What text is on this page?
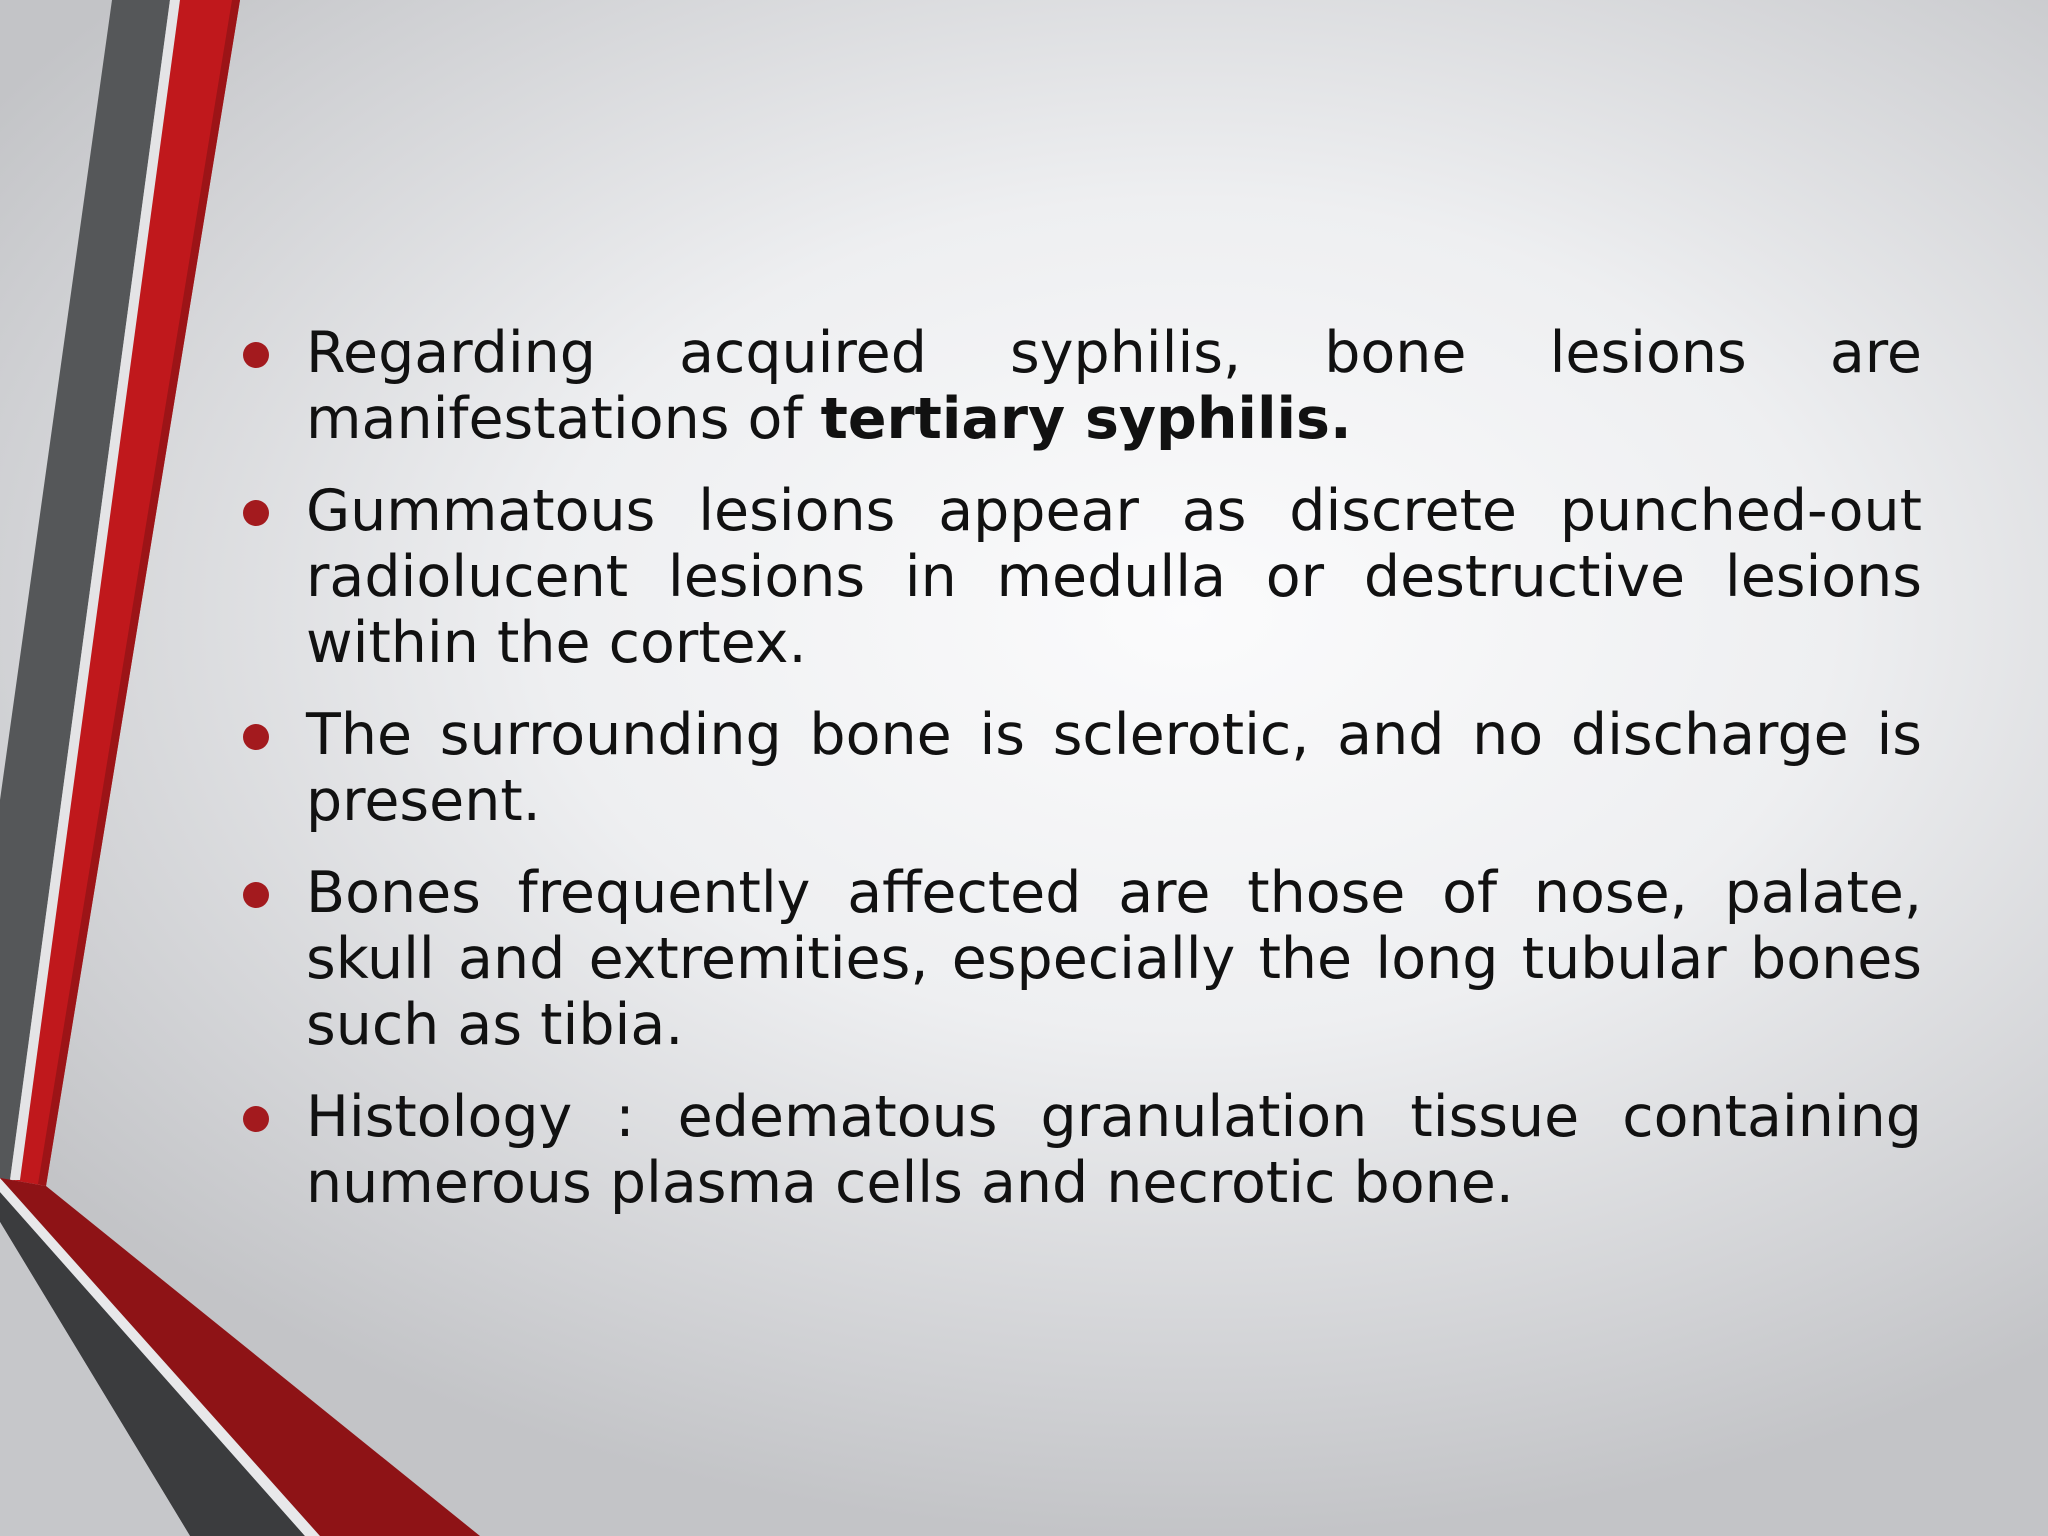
Regarding acquired syphilis, bone lesions are manifestations of tertiary syphilis.
Gummatous lesions appear as discrete punched-out radiolucent lesions in medulla or destructive lesions within the cortex.
The surrounding bone is sclerotic, and no discharge is present.
Bones frequently affected are those of nose, palate, skull and extremities, especially the long tubular bones such as tibia.
Histology : edematous granulation tissue containing numerous plasma cells and necrotic bone.
